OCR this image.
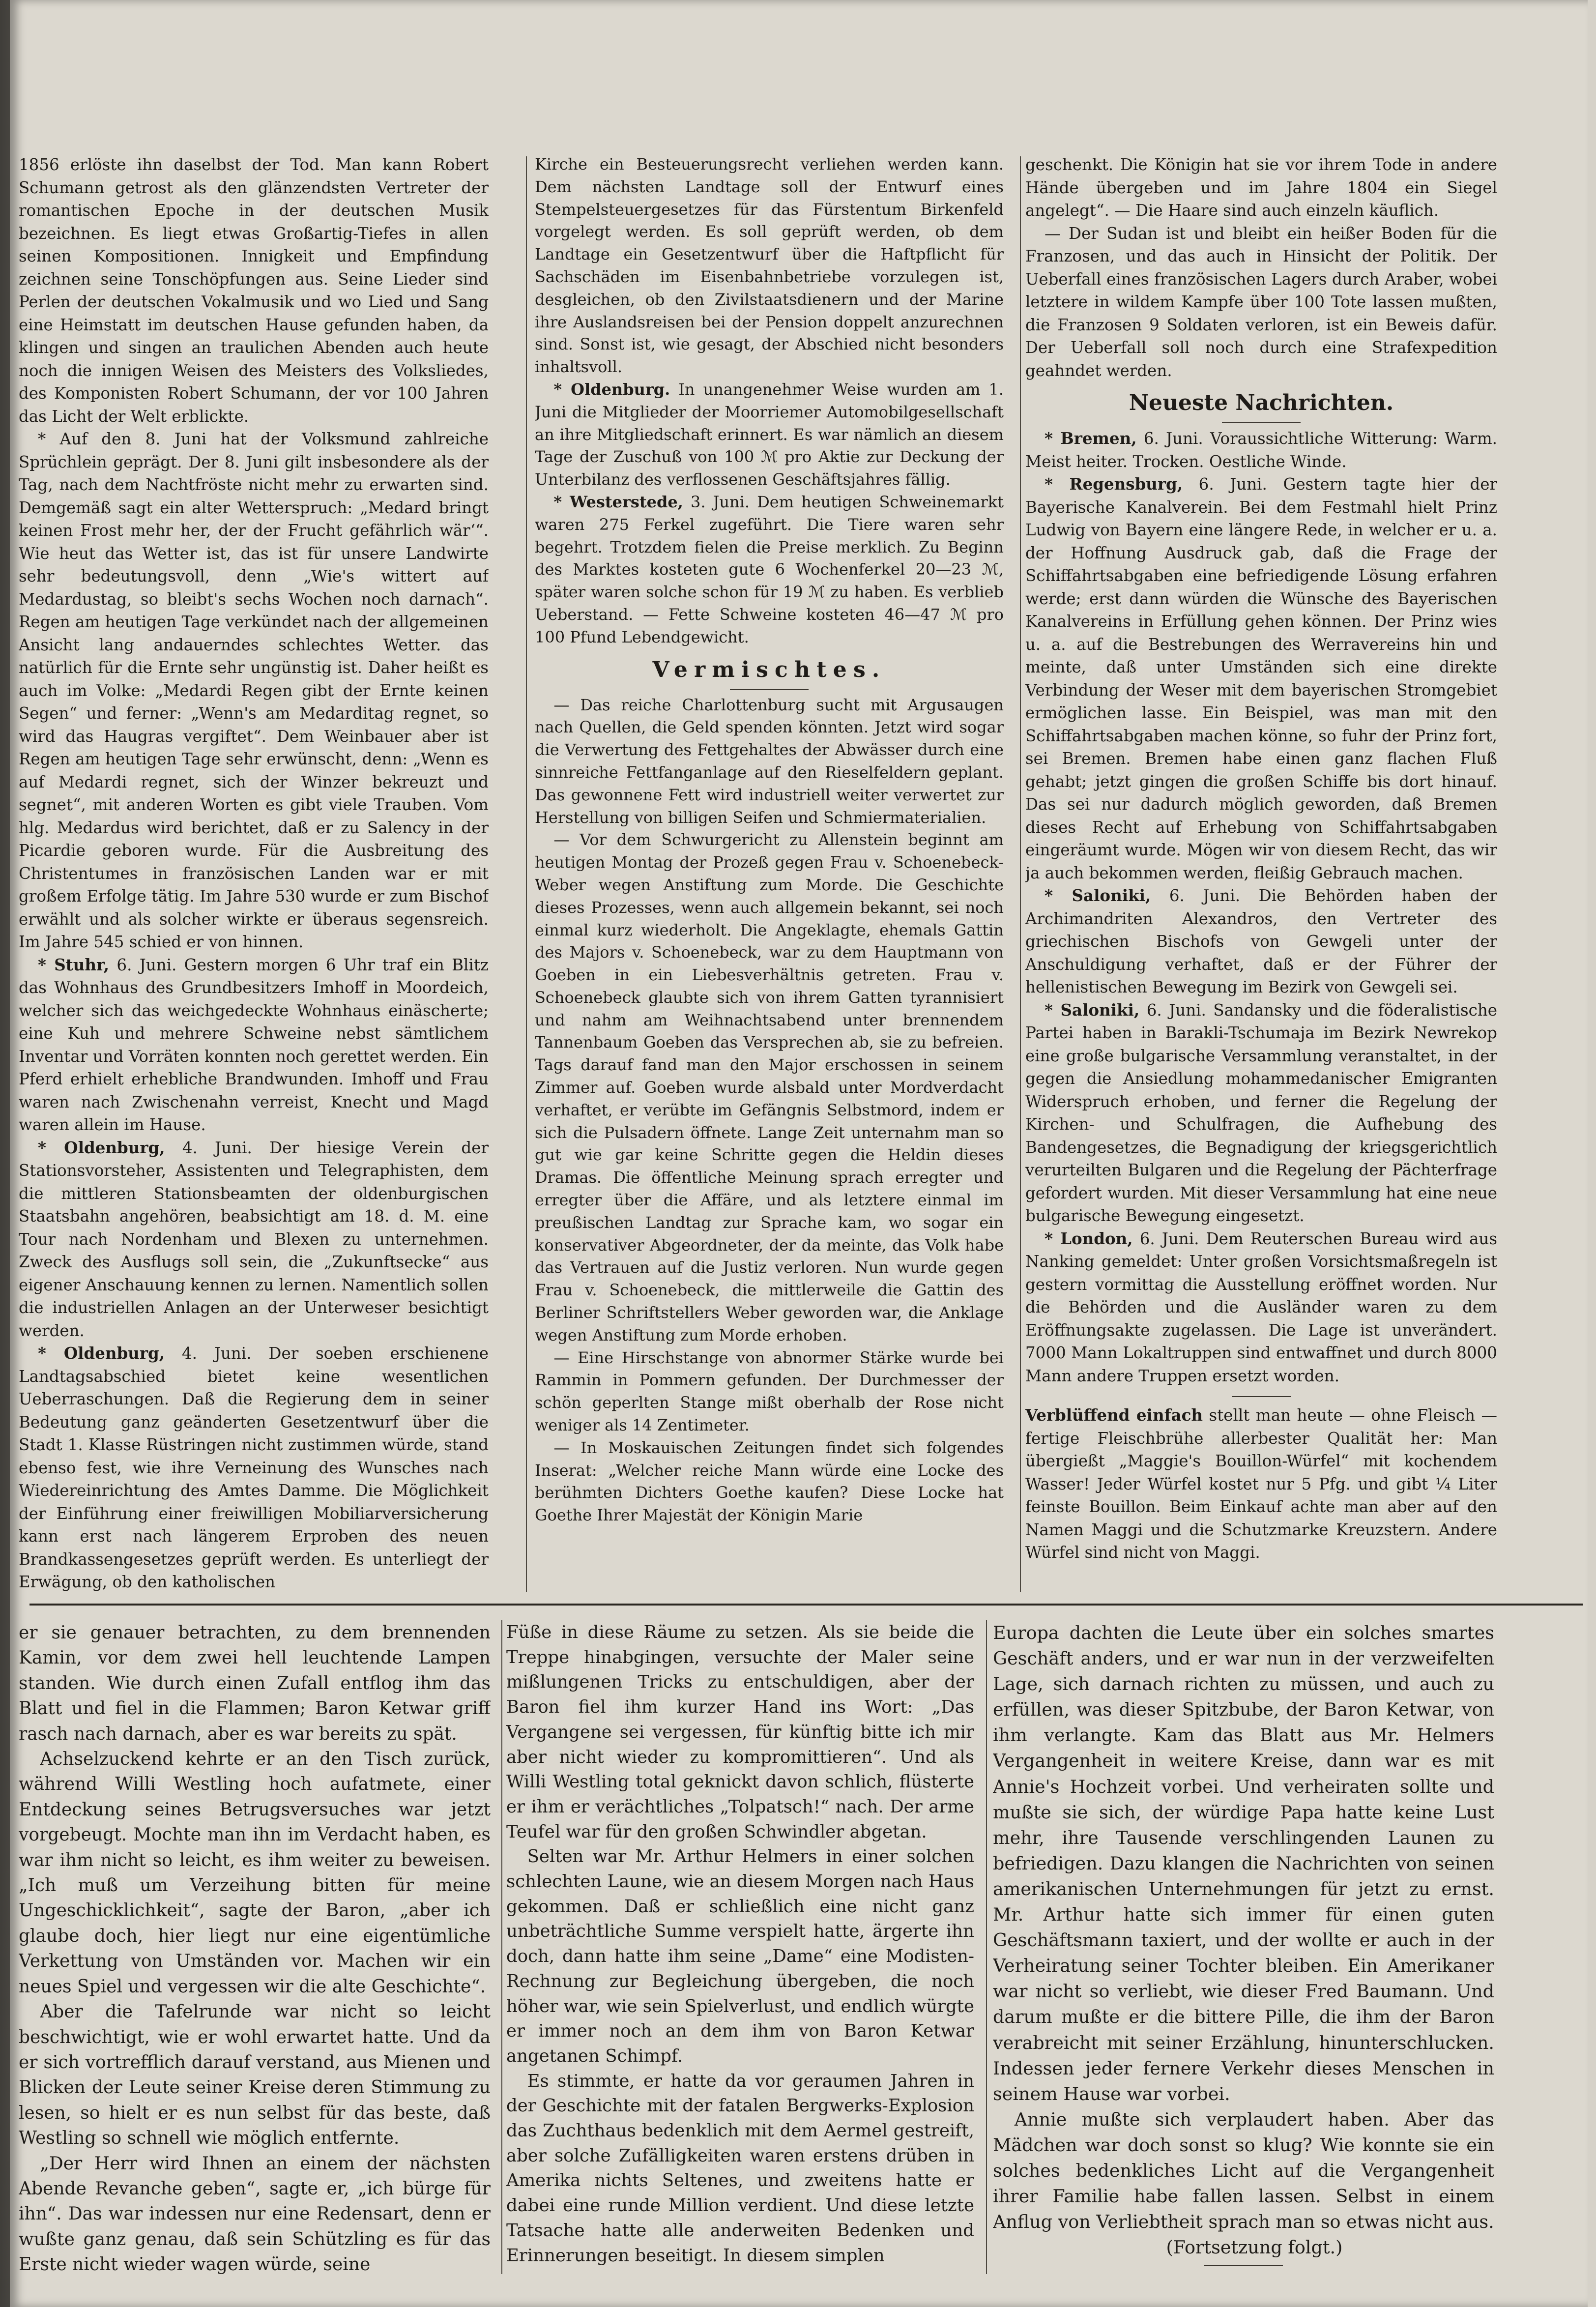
1856 erlöste ihn daselbst der Tod. Man kann Robert Schumann getrost als den glänzendsten Vertreter der romantischen Epoche in der deutschen Musik bezeichnen. Es liegt etwas Großartig-Tiefes in allen seinen Kompositionen. Innigkeit und Empfindung zeichnen seine Tonschöpfungen aus. Seine Lieder sind Perlen der deutschen Vokalmusik und wo Lied und Sang eine Heimstatt im deutschen Hause gefunden haben, da klingen und singen an traulichen Abenden auch heute noch die innigen Weisen des Meisters des Volksliedes, des Komponisten Robert Schumann, der vor 100 Jahren das Licht der Welt erblickte.

* Auf den 8. Juni hat der Volksmund zahlreiche Sprüchlein geprägt. Der 8. Juni gilt insbesondere als der Tag, nach dem Nachtfröste nicht mehr zu erwarten sind. Demgemäß sagt ein alter Wetterspruch: „Medard bringt keinen Frost mehr her, der der Frucht gefährlich wär‘“. Wie heut das Wetter ist, das ist für unsere Landwirte sehr bedeutungsvoll, denn „Wie's wittert auf Medardustag, so bleibt's sechs Wochen noch darnach“. Regen am heutigen Tage verkündet nach der allgemeinen Ansicht lang andauerndes schlechtes Wetter. das natürlich für die Ernte sehr ungünstig ist. Daher heißt es auch im Volke: „Medardi Regen gibt der Ernte keinen Segen“ und ferner: „Wenn's am Medarditag regnet, so wird das Haugras vergiftet“. Dem Weinbauer aber ist Regen am heutigen Tage sehr erwünscht, denn: „Wenn es auf Medardi regnet, sich der Winzer bekreuzt und segnet“, mit anderen Worten es gibt viele Trauben. Vom hlg. Medardus wird berichtet, daß er zu Salency in der Picardie geboren wurde. Für die Ausbreitung des Christentumes in französischen Landen war er mit großem Erfolge tätig. Im Jahre 530 wurde er zum Bischof erwählt und als solcher wirkte er überaus segensreich. Im Jahre 545 schied er von hinnen.

* Stuhr, 6. Juni. Gestern morgen 6 Uhr traf ein Blitz das Wohnhaus des Grundbesitzers Imhoff in Moordeich, welcher sich das weichgedeckte Wohnhaus einäscherte; eine Kuh und mehrere Schweine nebst sämtlichem Inventar und Vorräten konnten noch gerettet werden. Ein Pferd erhielt erhebliche Brandwunden. Imhoff und Frau waren nach Zwischenahn verreist, Knecht und Magd waren allein im Hause.

* Oldenburg, 4. Juni. Der hiesige Verein der Stationsvorsteher, Assistenten und Telegraphisten, dem die mittleren Stationsbeamten der oldenburgischen Staatsbahn angehören, beabsichtigt am 18. d. M. eine Tour nach Nordenham und Blexen zu unternehmen. Zweck des Ausflugs soll sein, die „Zukunftsecke“ aus eigener Anschauung kennen zu lernen. Namentlich sollen die industriellen Anlagen an der Unterweser besichtigt werden.

* Oldenburg, 4. Juni. Der soeben erschienene Landtagsabschied bietet keine wesentlichen Ueberraschungen. Daß die Regierung dem in seiner Bedeutung ganz geänderten Gesetzentwurf über die Stadt 1. Klasse Rüstringen nicht zustimmen würde, stand ebenso fest, wie ihre Verneinung des Wunsches nach Wiedereinrichtung des Amtes Damme. Die Möglichkeit der Einführung einer freiwilligen Mobiliarversicherung kann erst nach längerem Erproben des neuen Brandkassengesetzes geprüft werden. Es unterliegt der Erwägung, ob den katholischen

Kirche ein Besteuerungsrecht verliehen werden kann. Dem nächsten Landtage soll der Entwurf eines Stempelsteuergesetzes für das Fürstentum Birkenfeld vorgelegt werden. Es soll geprüft werden, ob dem Landtage ein Gesetzentwurf über die Haftpflicht für Sachschäden im Eisenbahnbetriebe vorzulegen ist, desgleichen, ob den Zivilstaatsdienern und der Marine ihre Auslandsreisen bei der Pension doppelt anzurechnen sind. Sonst ist, wie gesagt, der Abschied nicht besonders inhaltsvoll.

* Oldenburg. In unangenehmer Weise wurden am 1. Juni die Mitglieder der Moorriemer Automobilgesellschaft an ihre Mitgliedschaft erinnert. Es war nämlich an diesem Tage der Zuschuß von 100 ℳ pro Aktie zur Deckung der Unterbilanz des verflossenen Geschäftsjahres fällig.

* Westerstede, 3. Juni. Dem heutigen Schweinemarkt waren 275 Ferkel zugeführt. Die Tiere waren sehr begehrt. Trotzdem fielen die Preise merklich. Zu Beginn des Marktes kosteten gute 6 Wochenferkel 20—23 ℳ, später waren solche schon für 19 ℳ zu haben. Es verblieb Ueberstand. — Fette Schweine kosteten 46—47 ℳ pro 100 Pfund Lebendgewicht.

Vermischtes.

— Das reiche Charlottenburg sucht mit Argusaugen nach Quellen, die Geld spenden könnten. Jetzt wird sogar die Verwertung des Fettgehaltes der Abwässer durch eine sinnreiche Fettfanganlage auf den Rieselfeldern geplant. Das gewonnene Fett wird industriell weiter verwertet zur Herstellung von billigen Seifen und Schmiermaterialien.

— Vor dem Schwurgericht zu Allenstein beginnt am heutigen Montag der Prozeß gegen Frau v. Schoenebeck-Weber wegen Anstiftung zum Morde. Die Geschichte dieses Prozesses, wenn auch allgemein bekannt, sei noch einmal kurz wiederholt. Die Angeklagte, ehemals Gattin des Majors v. Schoenebeck, war zu dem Hauptmann von Goeben in ein Liebesverhältnis getreten. Frau v. Schoenebeck glaubte sich von ihrem Gatten tyrannisiert und nahm am Weihnachtsabend unter brennendem Tannenbaum Goeben das Versprechen ab, sie zu befreien. Tags darauf fand man den Major erschossen in seinem Zimmer auf. Goeben wurde alsbald unter Mordverdacht verhaftet, er verübte im Gefängnis Selbstmord, indem er sich die Pulsadern öffnete. Lange Zeit unternahm man so gut wie gar keine Schritte gegen die Heldin dieses Dramas. Die öffentliche Meinung sprach erregter und erregter über die Affäre, und als letztere einmal im preußischen Landtag zur Sprache kam, wo sogar ein konservativer Abgeordneter, der da meinte, das Volk habe das Vertrauen auf die Justiz verloren. Nun wurde gegen Frau v. Schoenebeck, die mittlerweile die Gattin des Berliner Schriftstellers Weber geworden war, die Anklage wegen Anstiftung zum Morde erhoben.

— Eine Hirschstange von abnormer Stärke wurde bei Rammin in Pommern gefunden. Der Durchmesser der schön geperlten Stange mißt oberhalb der Rose nicht weniger als 14 Zentimeter.

— In Moskauischen Zeitungen findet sich folgendes Inserat: „Welcher reiche Mann würde eine Locke des berühmten Dichters Goethe kaufen? Diese Locke hat Goethe Ihrer Majestät der Königin Marie

geschenkt. Die Königin hat sie vor ihrem Tode in andere Hände übergeben und im Jahre 1804 ein Siegel angelegt“. — Die Haare sind auch einzeln käuflich.

— Der Sudan ist und bleibt ein heißer Boden für die Franzosen, und das auch in Hinsicht der Politik. Der Ueberfall eines französischen Lagers durch Araber, wobei letztere in wildem Kampfe über 100 Tote lassen mußten, die Franzosen 9 Soldaten verloren, ist ein Beweis dafür. Der Ueberfall soll noch durch eine Strafexpedition geahndet werden.

Neueste Nachrichten.

* Bremen, 6. Juni. Voraussichtliche Witterung: Warm. Meist heiter. Trocken. Oestliche Winde.

* Regensburg, 6. Juni. Gestern tagte hier der Bayerische Kanalverein. Bei dem Festmahl hielt Prinz Ludwig von Bayern eine längere Rede, in welcher er u. a. der Hoffnung Ausdruck gab, daß die Frage der Schiffahrtsabgaben eine befriedigende Lösung erfahren werde; erst dann würden die Wünsche des Bayerischen Kanalvereins in Erfüllung gehen können. Der Prinz wies u. a. auf die Bestrebungen des Werravereins hin und meinte, daß unter Umständen sich eine direkte Verbindung der Weser mit dem bayerischen Stromgebiet ermöglichen lasse. Ein Beispiel, was man mit den Schiffahrtsabgaben machen könne, so fuhr der Prinz fort, sei Bremen. Bremen habe einen ganz flachen Fluß gehabt; jetzt gingen die großen Schiffe bis dort hinauf. Das sei nur dadurch möglich geworden, daß Bremen dieses Recht auf Erhebung von Schiffahrtsabgaben eingeräumt wurde. Mögen wir von diesem Recht, das wir ja auch bekommen werden, fleißig Gebrauch machen.

* Saloniki, 6. Juni. Die Behörden haben der Archimandriten Alexandros, den Vertreter des griechischen Bischofs von Gewgeli unter der Anschuldigung verhaftet, daß er der Führer der hellenistischen Bewegung im Bezirk von Gewgeli sei.

* Saloniki, 6. Juni. Sandansky und die föderalistische Partei haben in Barakli-Tschumaja im Bezirk Newrekop eine große bulgarische Versammlung veranstaltet, in der gegen die Ansiedlung mohammedanischer Emigranten Widerspruch erhoben, und ferner die Regelung der Kirchen- und Schulfragen, die Aufhebung des Bandengesetzes, die Begnadigung der kriegsgerichtlich verurteilten Bulgaren und die Regelung der Pächterfrage gefordert wurden. Mit dieser Versammlung hat eine neue bulgarische Bewegung eingesetzt.

* London, 6. Juni. Dem Reuterschen Bureau wird aus Nanking gemeldet: Unter großen Vorsichtsmaßregeln ist gestern vormittag die Ausstellung eröffnet worden. Nur die Behörden und die Ausländer waren zu dem Eröffnungsakte zugelassen. Die Lage ist unverändert. 7000 Mann Lokaltruppen sind entwaffnet und durch 8000 Mann andere Truppen ersetzt worden.

Verblüffend einfach stellt man heute — ohne Fleisch — fertige Fleischbrühe allerbester Qualität her: Man übergießt „Maggie's Bouillon-Würfel“ mit kochendem Wasser! Jeder Würfel kostet nur 5 Pfg. und gibt ¼ Liter feinste Bouillon. Beim Einkauf achte man aber auf den Namen Maggi und die Schutzmarke Kreuzstern. Andere Würfel sind nicht von Maggi.

er sie genauer betrachten, zu dem brennenden Kamin, vor dem zwei hell leuchtende Lampen standen. Wie durch einen Zufall entflog ihm das Blatt und fiel in die Flammen; Baron Ketwar griff rasch nach darnach, aber es war bereits zu spät.

Achselzuckend kehrte er an den Tisch zurück, während Willi Westling hoch aufatmete, einer Entdeckung seines Betrugsversuches war jetzt vorgebeugt. Mochte man ihn im Verdacht haben, es war ihm nicht so leicht, es ihm weiter zu beweisen. „Ich muß um Verzeihung bitten für meine Ungeschicklichkeit“, sagte der Baron, „aber ich glaube doch, hier liegt nur eine eigentümliche Verkettung von Umständen vor. Machen wir ein neues Spiel und vergessen wir die alte Geschichte“.

Aber die Tafelrunde war nicht so leicht beschwichtigt, wie er wohl erwartet hatte. Und da er sich vortrefflich darauf verstand, aus Mienen und Blicken der Leute seiner Kreise deren Stimmung zu lesen, so hielt er es nun selbst für das beste, daß Westling so schnell wie möglich entfernte.

„Der Herr wird Ihnen an einem der nächsten Abende Revanche geben“, sagte er, „ich bürge für ihn“. Das war indessen nur eine Redensart, denn er wußte ganz genau, daß sein Schützling es für das Erste nicht wieder wagen würde, seine

Füße in diese Räume zu setzen. Als sie beide die Treppe hinabgingen, versuchte der Maler seine mißlungenen Tricks zu entschuldigen, aber der Baron fiel ihm kurzer Hand ins Wort: „Das Vergangene sei vergessen, für künftig bitte ich mir aber nicht wieder zu kompromittieren“. Und als Willi Westling total geknickt davon schlich, flüsterte er ihm er verächtliches „Tolpatsch!“ nach. Der arme Teufel war für den großen Schwindler abgetan.

Selten war Mr. Arthur Helmers in einer solchen schlechten Laune, wie an diesem Morgen nach Haus gekommen. Daß er schließlich eine nicht ganz unbeträchtliche Summe verspielt hatte, ärgerte ihn doch, dann hatte ihm seine „Dame“ eine Modisten-Rechnung zur Begleichung übergeben, die noch höher war, wie sein Spielverlust, und endlich würgte er immer noch an dem ihm von Baron Ketwar angetanen Schimpf.

Es stimmte, er hatte da vor geraumen Jahren in der Geschichte mit der fatalen Bergwerks-Explosion das Zuchthaus bedenklich mit dem Aermel gestreift, aber solche Zufälligkeiten waren erstens drüben in Amerika nichts Seltenes, und zweitens hatte er dabei eine runde Million verdient. Und diese letzte Tatsache hatte alle anderweiten Bedenken und Erinnerungen beseitigt. In diesem simplen

Europa dachten die Leute über ein solches smartes Geschäft anders, und er war nun in der verzweifelten Lage, sich darnach richten zu müssen, und auch zu erfüllen, was dieser Spitzbube, der Baron Ketwar, von ihm verlangte. Kam das Blatt aus Mr. Helmers Vergangenheit in weitere Kreise, dann war es mit Annie's Hochzeit vorbei. Und verheiraten sollte und mußte sie sich, der würdige Papa hatte keine Lust mehr, ihre Tausende verschlingenden Launen zu befriedigen. Dazu klangen die Nachrichten von seinen amerikanischen Unternehmungen für jetzt zu ernst. Mr. Arthur hatte sich immer für einen guten Geschäftsmann taxiert, und der wollte er auch in der Verheiratung seiner Tochter bleiben. Ein Amerikaner war nicht so verliebt, wie dieser Fred Baumann. Und darum mußte er die bittere Pille, die ihm der Baron verabreicht mit seiner Erzählung, hinunterschlucken. Indessen jeder fernere Verkehr dieses Menschen in seinem Hause war vorbei.

Annie mußte sich verplaudert haben. Aber das Mädchen war doch sonst so klug? Wie konnte sie ein solches bedenkliches Licht auf die Vergangenheit ihrer Familie habe fallen lassen. Selbst in einem Anflug von Verliebtheit sprach man so etwas nicht aus.

(Fortsetzung folgt.)
